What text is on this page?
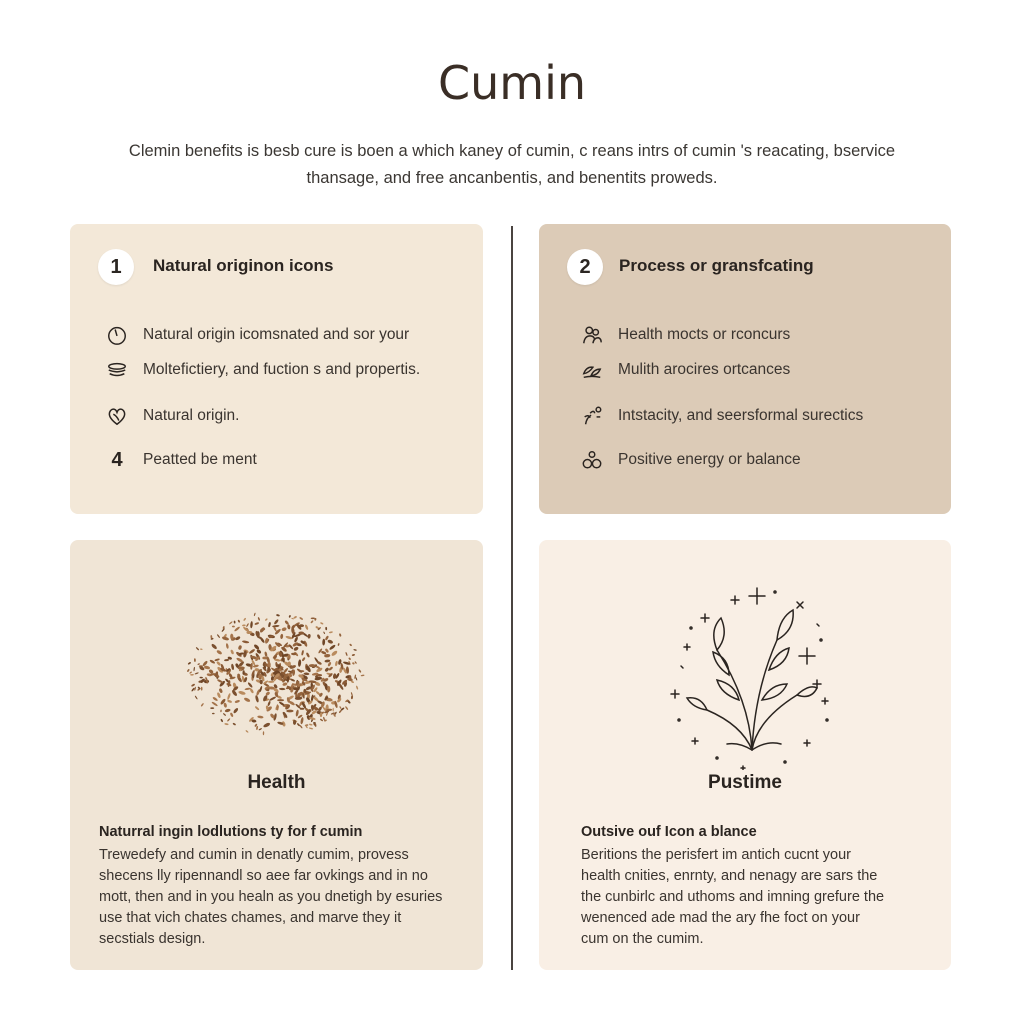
Cumin
Clemin benefits is besb cure is boen a which kaney of cumin, c reans intrs of cumin 's reacating, bservice
thansage, and free ancanbentis, and benentits proweds.
1	Natural originon icons
Natural origin icomsnated and sor your
Moltefictiery, and fuction s and propertis.
Natural origin.
4	Peatted be ment
2	Process or gransfcating
Health mocts or rconcurs
Mulith arocires ortcances
Intstacity, and seersformal surectics
Positive energy or balance
Health
Naturral ingin lodlutions ty for f cumin
Trewedefy and cumin in denatly cumim, provess
shecens lly ripennandl so aee far ovkings and in no
mott, then and in you healn as you dnetigh by esuries
use that vich chates chames, and marve they it
secstials design.
Pustime
Outsive ouf Icon a blance
Beritions the perisfert im antich cucnt your
health cnities, enrnty, and nenagy are sars the
the cunbirlc and uthoms and imning grefure the
wenenced ade mad the ary fhe foct on your
cum on the cumim.
